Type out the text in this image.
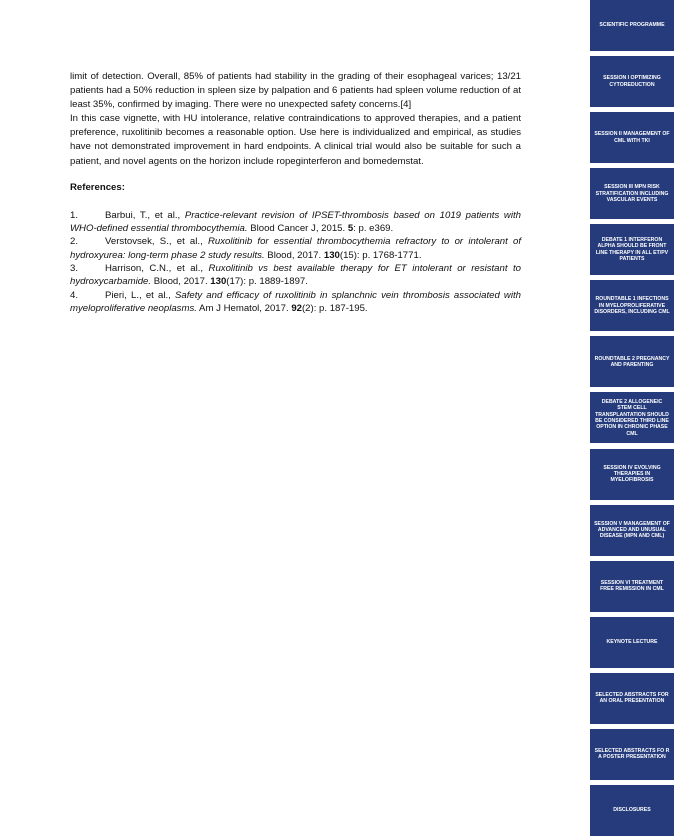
limit of detection. Overall, 85% of patients had stability in the grading of their esophageal varices; 13/21 patients had a 50% reduction in spleen size by palpation and 6 patients had spleen volume reduction of at least 35%, confirmed by imaging. There were no unexpected safety concerns.[4]

In this case vignette, with HU intolerance, relative contraindications to approved therapies, and a patient preference, ruxolitinib becomes a reasonable option. Use here is individualized and empirical, as studies have not demonstrated improvement in hard endpoints. A clinical trial would also be suitable for such a patient, and novel agents on the horizon include ropeginterferon and bomedemstat.

References:

1.	Barbui, T., et al., Practice-relevant revision of IPSET-thrombosis based on 1019 patients with WHO-defined essential thrombocythemia. Blood Cancer J, 2015. 5: p. e369.

2.	Verstovsek, S., et al., Ruxolitinib for essential thrombocythemia refractory to or intolerant of hydroxyurea: long-term phase 2 study results. Blood, 2017. 130(15): p. 1768-1771.

3.	Harrison, C.N., et al., Ruxolitinib vs best available therapy for ET intolerant or resistant to hydroxycarbamide. Blood, 2017. 130(17): p. 1889-1897.

4.	Pieri, L., et al., Safety and efficacy of ruxolitinib in splanchnic vein thrombosis associated with myeloproliferative neoplasms. Am J Hematol, 2017. 92(2): p. 187-195.

SCIENTIFIC PROGRAMME
SESSION I OPTIMIZING CYTOREDUCTION
SESSION II MANAGEMENT OF CML WITH TKI
SESSION III MPN RISK STRATIFICATION INCLUDING VASCULAR EVENTS
DEBATE 1 INTERFERON ALPHA SHOULD BE FRONT LINE THERAPY IN ALL ET/PV PATIENTS
ROUNDTABLE 1 INFECTIONS IN MYELOPROLIFERATIVE DISORDERS, INCLUDING CML
ROUNDTABLE 2 PREGNANCY AND PARENTING
DEBATE 2 ALLOGENEIC STEM CELL TRANSPLANTATION SHOULD BE CONSIDERED THIRD LINE OPTION IN CHRONIC PHASE CML
SESSION IV EVOLVING THERAPIES IN MYELOFIBROSIS
SESSION V MANAGEMENT OF ADVANCED AND UNUSUAL DISEASE (MPN AND CML)
SESSION VI TREATMENT FREE REMISSION IN CML
KEYNOTE LECTURE
SELECTED ABSTRACTS FOR AN ORAL PRESENTATION
SELECTED ABSTRACTS FO R A POSTER PRESENTATION
DISCLOSURES
